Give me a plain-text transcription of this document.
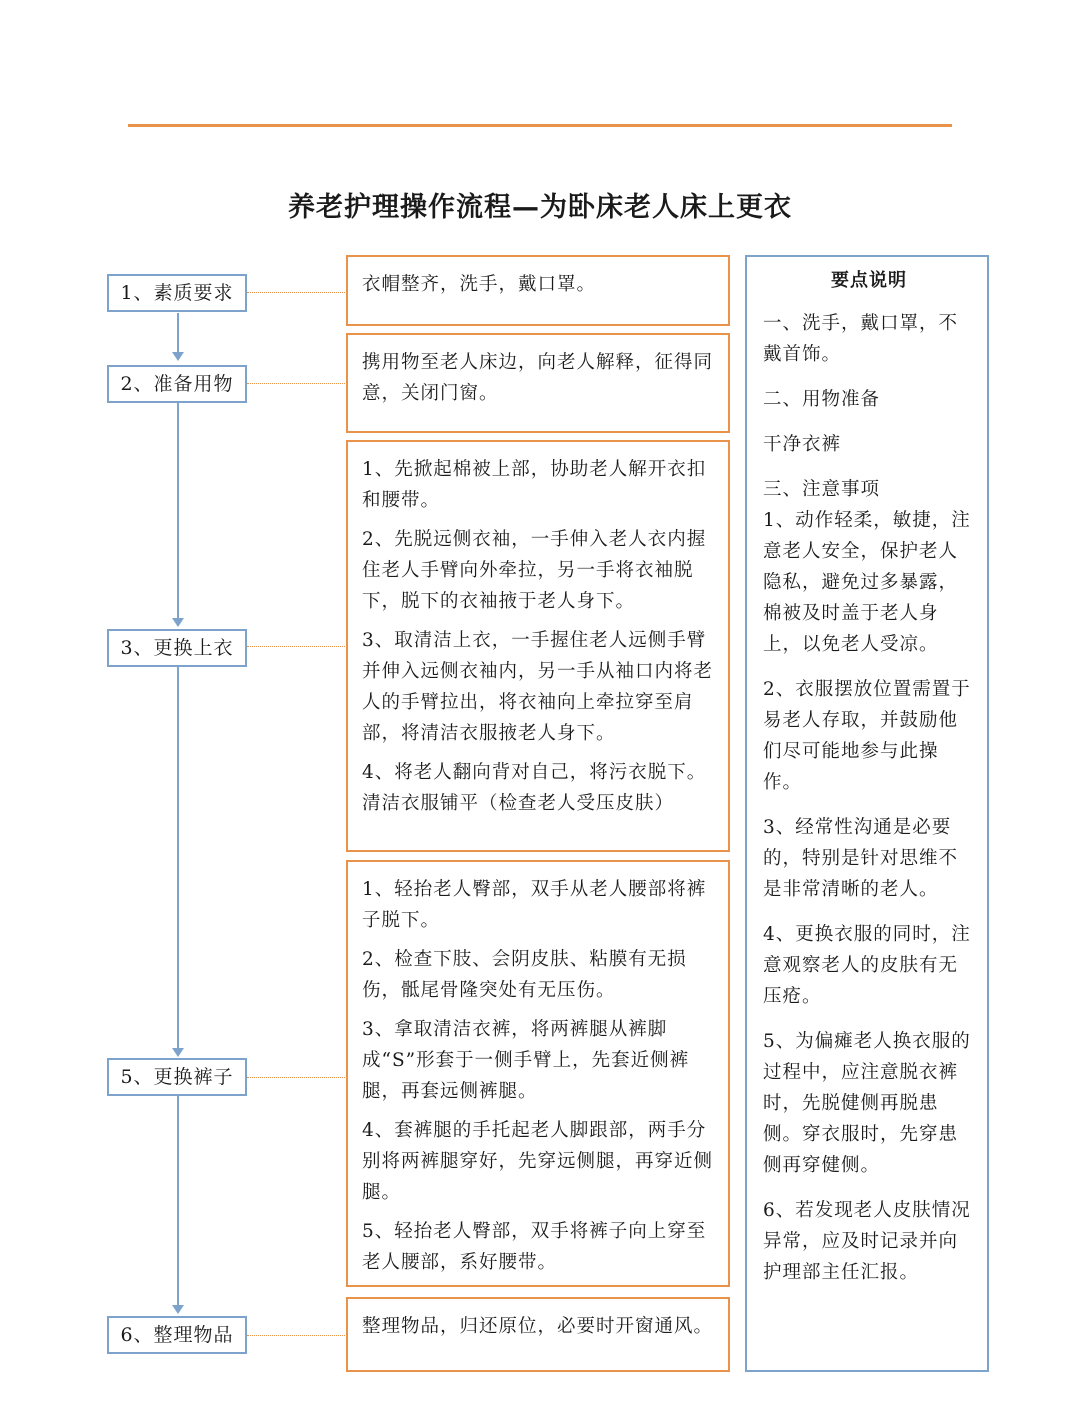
养老护理操作流程—为卧床老人床上更衣
1、素质要求
2、准备用物
3、更换上衣
5、更换裤子
6、整理物品

衣帽整齐，洗手，戴口罩。

携用物至老人床边，向老人解释，征得同意，关闭门窗。

1、先掀起棉被上部，协助老人解开衣扣和腰带。

2、先脱远侧衣袖，一手伸入老人衣内握住老人手臂向外牵拉，另一手将衣袖脱下，脱下的衣袖掖于老人身下。

3、取清洁上衣，一手握住老人远侧手臂并伸入远侧衣袖内，另一手从袖口内将老人的手臂拉出，将衣袖向上牵拉穿至肩部，将清洁衣服掖老人身下。

4、将老人翻向背对自己，将污衣脱下。清洁衣服铺平（检查老人受压皮肤）

1、轻抬老人臀部，双手从老人腰部将裤子脱下。

2、检查下肢、会阴皮肤、粘膜有无损伤，骶尾骨隆突处有无压伤。

3、拿取清洁衣裤，将两裤腿从裤脚成“S”形套于一侧手臂上，先套近侧裤腿，再套远侧裤腿。

4、套裤腿的手托起老人脚跟部，两手分别将两裤腿穿好，先穿远侧腿，再穿近侧腿。

5、轻抬老人臀部，双手将裤子向上穿至老人腰部，系好腰带。

整理物品，归还原位，必要时开窗通风。

要点说明

一、洗手，戴口罩，不戴首饰。

二、用物准备

干净衣裤

三、注意事项

1、动作轻柔，敏捷，注意老人安全，保护老人隐私，避免过多暴露，棉被及时盖于老人身上，以免老人受凉。

2、衣服摆放位置需置于易老人存取，并鼓励他们尽可能地参与此操作。

3、经常性沟通是必要的，特别是针对思维不是非常清晰的老人。

4、更换衣服的同时，注意观察老人的皮肤有无压疮。

5、为偏瘫老人换衣服的过程中，应注意脱衣裤时，先脱健侧再脱患侧。穿衣服时，先穿患侧再穿健侧。

6、若发现老人皮肤情况异常，应及时记录并向护理部主任汇报。
